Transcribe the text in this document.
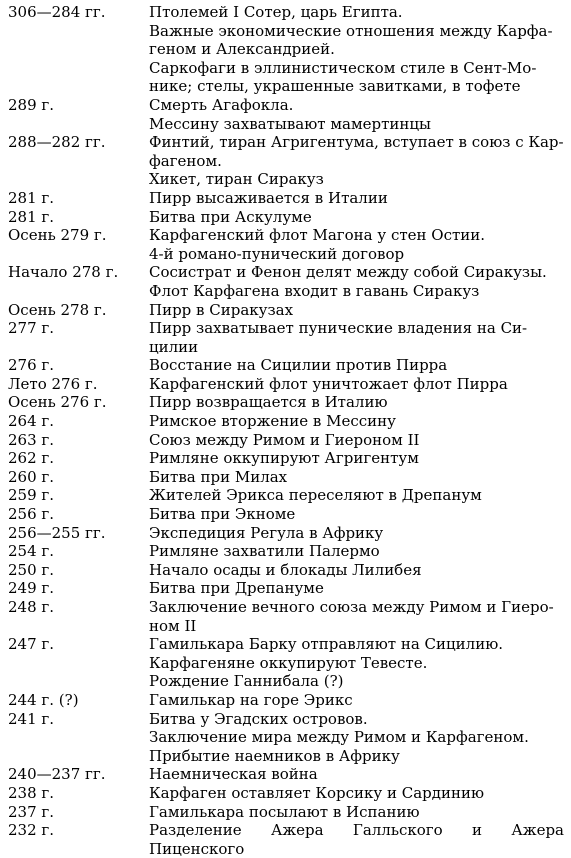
306—284 гг.	Птолемей I Сотер, царь Египта.
Важные экономические отношения между Карфа-
геном и Александрией.
Саркофаги в эллинистическом стиле в Сент-Мо-
нике; стелы, украшенные завитками, в тофете
289 г.	Смерть Агафокла.
Мессину захватывают мамертинцы
288—282 гг.	Финтий, тиран Агригентума, вступает в союз с Кар-
фагеном.
Хикет, тиран Сиракуз
281 г.	Пирр высаживается в Италии
281 г.	Битва при Аскулуме
Осень 279 г.	Карфагенский флот Магона у стен Остии.
4-й романо-пунический договор
Начало 278 г.	Сосистрат и Фенон делят между собой Сиракузы.
Флот Карфагена входит в гавань Сиракуз
Осень 278 г.	Пирр в Сиракузах
277 г.	Пирр захватывает пунические владения на Си-
цилии
276 г.	Восстание на Сицилии против Пирра
Лето 276 г.	Карфагенский флот уничтожает флот Пирра
Осень 276 г.	Пирр возвращается в Италию
264 г.	Римское вторжение в Мессину
263 г.	Союз между Римом и Гиероном II
262 г.	Римляне оккупируют Агригентум
260 г.	Битва при Милах
259 г.	Жителей Эрикса переселяют в Дрепанум
256 г.	Битва при Экноме
256—255 гг.	Экспедиция Регула в Африку
254 г.	Римляне захватили Палермо
250 г.	Начало осады и блокады Лилибея
249 г.	Битва при Дрепануме
248 г.	Заключение вечного союза между Римом и Гиеро-
ном II
247 г.	Гамилькара Барку отправляют на Сицилию.
Карфагеняне оккупируют Тевесте.
Рождение Ганнибала (?)
244 г. (?)	Гамилькар на горе Эрикс
241 г.	Битва у Эгадских островов.
Заключение мира между Римом и Карфагеном.
Прибытие наемников в Африку
240—237 гг.	Наемническая война
238 г.	Карфаген оставляет Корсику и Сардинию
237 г.	Гамилькара посылают в Испанию
232 г.	Разделение Ажера Галльского и Ажера Пиценского
